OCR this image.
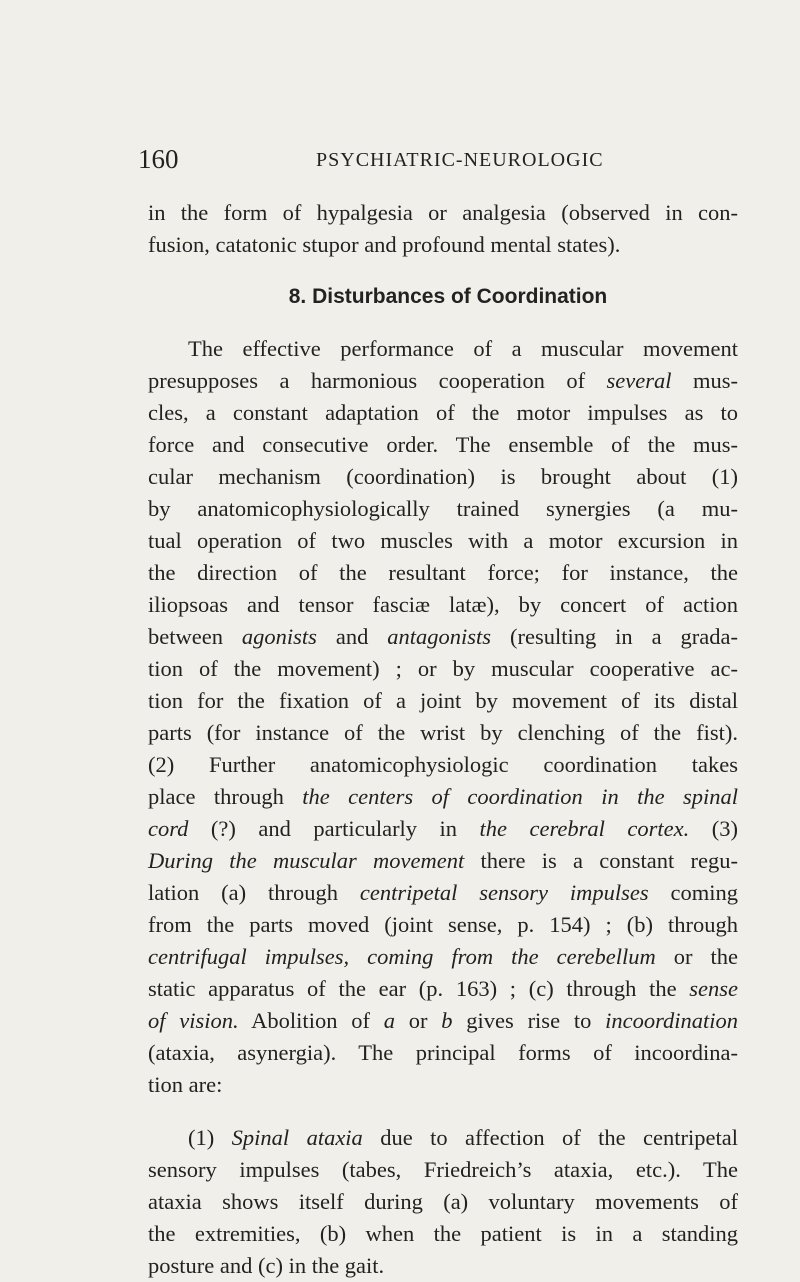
160	PSYCHIATRIC-NEUROLOGIC
in the form of hypalgesia or analgesia (observed in con-
fusion, catatonic stupor and profound mental states).
8. Disturbances of Coordination
The effective performance of a muscular movement
presupposes a harmonious cooperation of several mus-
cles, a constant adaptation of the motor impulses as to
force and consecutive order. The ensemble of the mus-
cular mechanism (coordination) is brought about (1)
by anatomicophysiologically trained synergies (a mu-
tual operation of two muscles with a motor excursion in
the direction of the resultant force; for instance, the
iliopsoas and tensor fasciæ latæ), by concert of action
between agonists and antagonists (resulting in a grada-
tion of the movement) ; or by muscular cooperative ac-
tion for the fixation of a joint by movement of its distal
parts (for instance of the wrist by clenching of the fist).
(2) Further anatomicophysiologic coordination takes
place through the centers of coordination in the spinal
cord (?) and particularly in the cerebral cortex. (3)
During the muscular movement there is a constant regu-
lation (a) through centripetal sensory impulses coming
from the parts moved (joint sense, p. 154) ; (b) through
centrifugal impulses, coming from the cerebellum or the
static apparatus of the ear (p. 163) ; (c) through the sense
of vision. Abolition of a or b gives rise to incoordination
(ataxia, asynergia). The principal forms of incoordina-
tion are:
(1) Spinal ataxia due to affection of the centripetal
sensory impulses (tabes, Friedreich’s ataxia, etc.). The
ataxia shows itself during (a) voluntary movements of
the extremities, (b) when the patient is in a standing
posture and (c) in the gait.
